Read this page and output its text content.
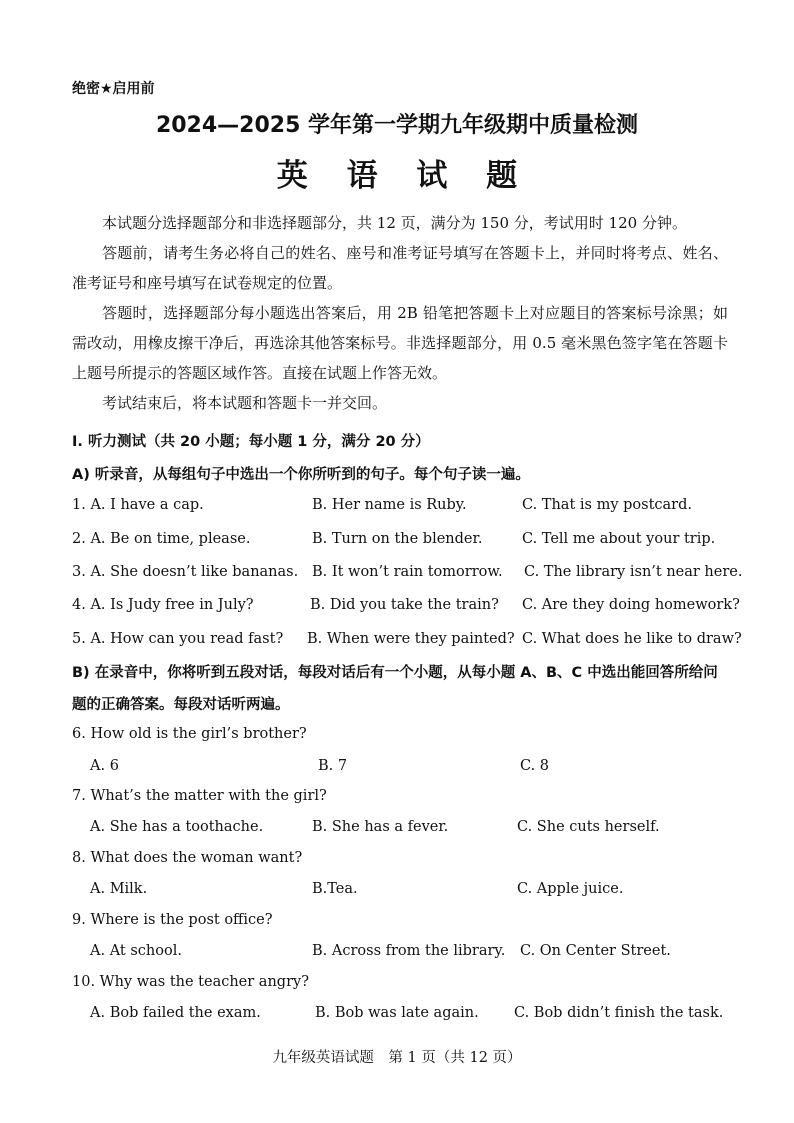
绝密★启用前
2024—2025 学年第一学期九年级期中质量检测
英 语 试 题

本试题分选择题部分和非选择题部分，共 12 页，满分为 150 分，考试用时 120 分钟。

答题前，请考生务必将自己的姓名、座号和准考证号填写在答题卡上，并同时将考点、姓名、准考证号和座号填写在试卷规定的位置。

答题时，选择题部分每小题选出答案后，用 2B 铅笔把答题卡上对应题目的答案标号涂黑；如需改动，用橡皮擦干净后，再选涂其他答案标号。非选择题部分，用 0.5 毫米黑色签字笔在答题卡上题号所提示的答题区域作答。直接在试题上作答无效。

考试结束后，将本试题和答题卡一并交回。

I. 听力测试（共 20 小题；每小题 1 分，满分 20 分）
A) 听录音，从每组句子中选出一个你所听到的句子。每个句子读一遍。
1. A. I have a cap.	B. Her name is Ruby.	C. That is my postcard.
2. A. Be on time, please.	B. Turn on the blender.	C. Tell me about your trip.
3. A. She doesn’t like bananas. B. It won’t rain tomorrow. C. The library isn’t near here.
4. A. Is Judy free in July?	B. Did you take the train? C. Are they doing homework?
5. A. How can you read fast? B. When were they painted? C. What does he like to draw?
B) 在录音中，你将听到五段对话，每段对话后有一个小题，从每小题 A、B、C 中选出能回答所给问题的正确答案。每段对话听两遍。
6. How old is the girl’s brother?
A. 6	B. 7	C. 8
7. What’s the matter with the girl?
A. She has a toothache.	B. She has a fever.	C. She cuts herself.
8. What does the woman want?
A. Milk.	B.Tea.	C. Apple juice.
9. Where is the post office?
A. At school.	B. Across from the library. C. On Center Street.
10. Why was the teacher angry?
A. Bob failed the exam.	B. Bob was late again. C. Bob didn’t finish the task.
九年级英语试题　第 1 页（共 12 页）
